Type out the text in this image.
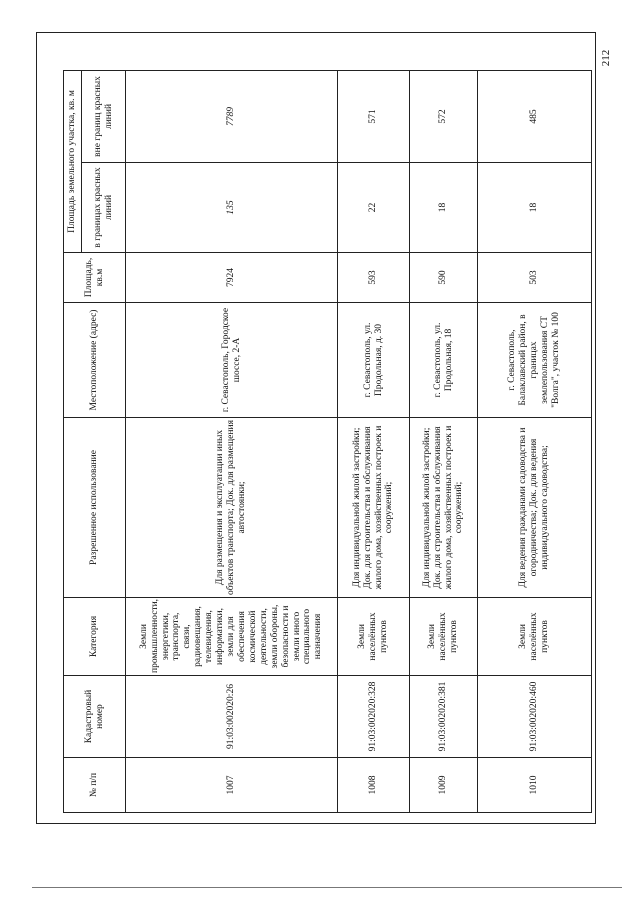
212
№ п/п	Кадастровый номер	Категория	Разрешенное использование	Местоположение (адрес)	Площадь, кв.м	Площадь земельного участка, кв. м	
						в границах красных линий	вне границ красных линий
1007	91:03:002020:26	Земли промышленности, энергетики, транспорта, связи, радиовещания, телевидения, информатики, земли для обеспечения космической деятельности, земли обороны, безопасности и земли иного специального назначения	Для размещения и эксплуатации иных объектов транспорта; Док. для размещения автостоянки;	г. Севастополь, Городское шоссе, 2-А	7924	135	7789
1008	91:03:002020:328	Земли населённых пунктов	Для индивидуальной жилой застройки; Док. для строительства и обслуживания жилого дома, хозяйственных построек и сооружений;	г. Севастополь, ул. Продольная, д. 30	593	22	571
1009	91:03:002020:381	Земли населённых пунктов	Для индивидуальной жилой застройки; Док. для строительства и обслуживания жилого дома, хозяйственных построек и сооружений;	г. Севастополь, ул. Продольная, 18	590	18	572
1010	91:03:002020:460	Земли населённых пунктов	Для ведения гражданами садоводства и огородничества; Док. для ведения индивидуального садоводства;	г. Севастополь, Балаклавский район, в границах землепользования СТ "Волга", участок № 100	503	18	485
